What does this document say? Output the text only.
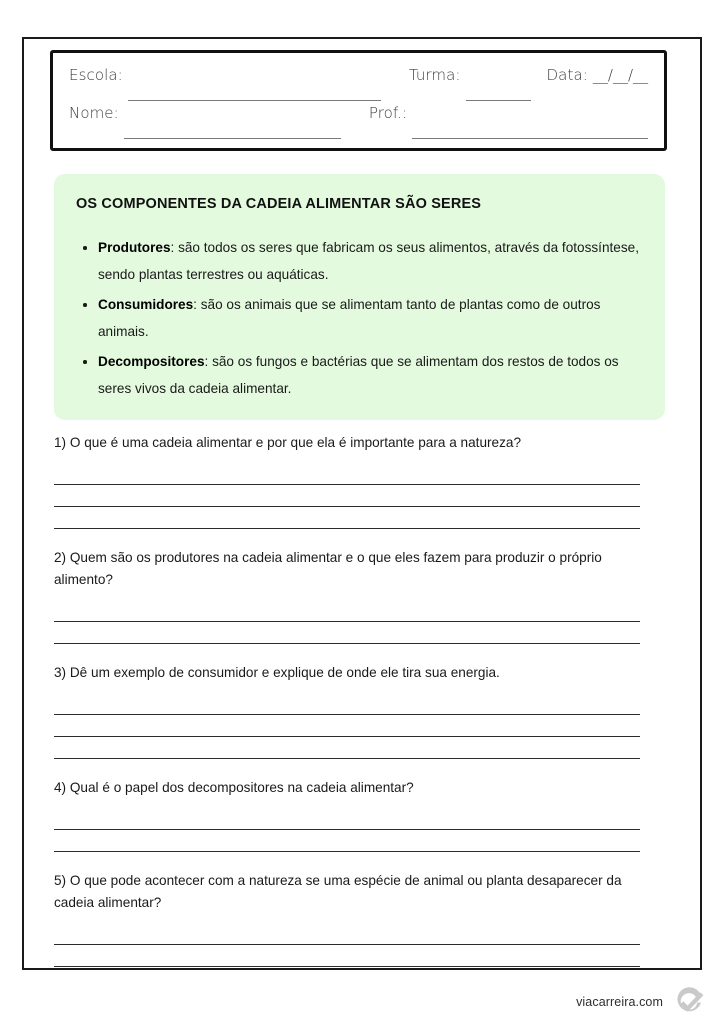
Escola:	Turma:	Data: __/__/__
Nome:	Prof.:
OS COMPONENTES DA CADEIA ALIMENTAR SÃO SERES
Produtores: são todos os seres que fabricam os seus alimentos, através da fotossíntese, sendo plantas terrestres ou aquáticas.
Consumidores: são os animais que se alimentam tanto de plantas como de outros animais.
Decompositores: são os fungos e bactérias que se alimentam dos restos de todos os seres vivos da cadeia alimentar.

1) O que é uma cadeia alimentar e por que ela é importante para a natureza?

2) Quem são os produtores na cadeia alimentar e o que eles fazem para produzir o próprio alimento?

3) Dê um exemplo de consumidor e explique de onde ele tira sua energia.

4) Qual é o papel dos decompositores na cadeia alimentar?

5) O que pode acontecer com a natureza se uma espécie de animal ou planta desaparecer da cadeia alimentar?

viacarreira.com
